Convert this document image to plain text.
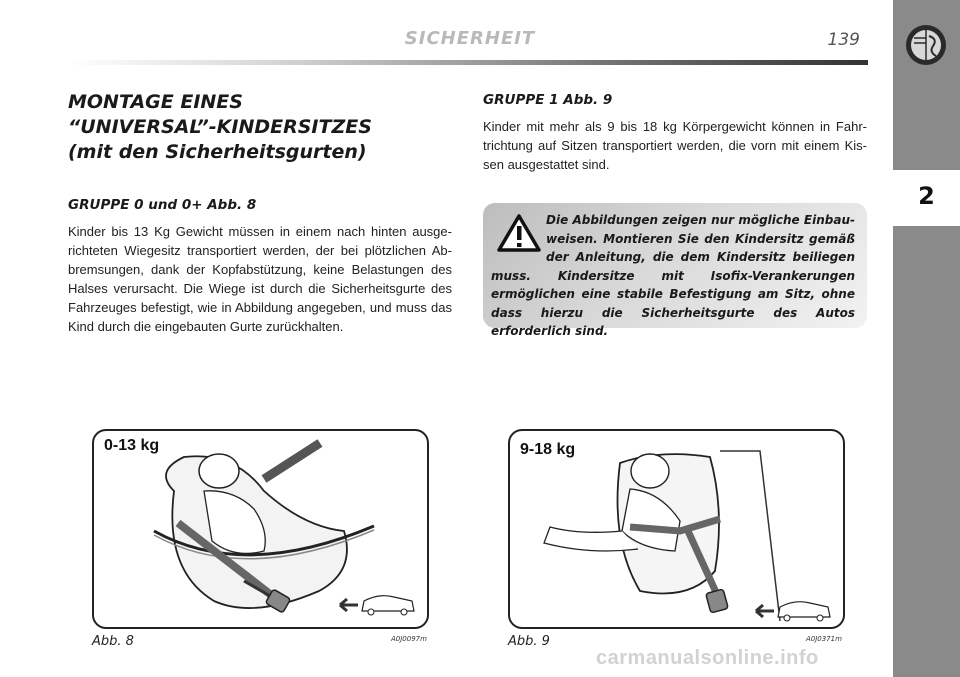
SICHERHEIT	139
2
MONTAGE EINES
“UNIVERSAL”-KINDERSITZES
(mit den Sicherheitsgurten)
GRUPPE 0 und 0+ Abb. 8
Kinder bis 13 Kg Gewicht müssen in einem nach hinten ausgerichteten Wiegesitz transportiert werden, der bei plötzlichen Abbremsungen, dank der Kopfabstützung, keine Belastungen des Halses verursacht. Die Wiege ist durch die Sicherheitsgurte des Fahrzeuges befestigt, wie in Abbildung angegeben, und muss das Kind durch die eingebauten Gurte zurückhalten.
GRUPPE 1 Abb. 9
Kinder mit mehr als 9 bis 18 kg Körpergewicht können in Fahrtrichtung auf Sitzen transportiert werden, die vorn mit einem Kissen ausgestattet sind.
Die Abbildungen zeigen nur mögliche Einbauweisen. Montieren Sie den Kindersitz gemäß der Anleitung, die dem Kindersitz beiliegen muss. Kindersitze mit Isofix-Verankerungen ermöglichen eine stabile Befestigung am Sitz, ohne dass hierzu die Sicherheitsgurte des Autos erforderlich sind.
0-13 kg
Abb. 8	A0J0097m
9-18 kg
Abb. 9	A0J0371m
carmanualsonline.info
